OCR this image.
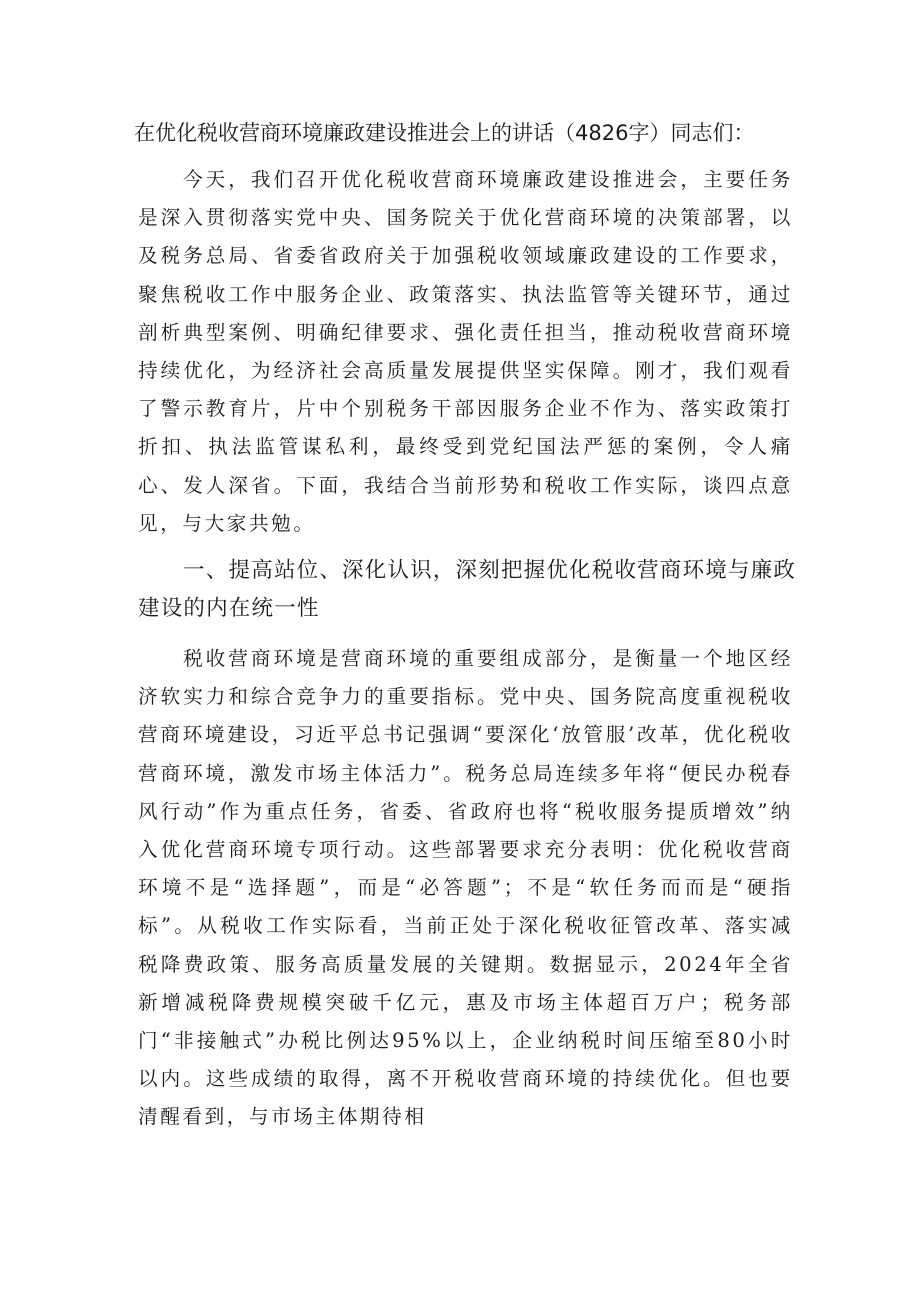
在优化税收营商环境廉政建设推进会上的讲话（4826字）同志们：

今天，我们召开优化税收营商环境廉政建设推进会，主要任务是深入贯彻落实党中央、国务院关于优化营商环境的决策部署，以及税务总局、省委省政府关于加强税收领域廉政建设的工作要求，聚焦税收工作中服务企业、政策落实、执法监管等关键环节，通过剖析典型案例、明确纪律要求、强化责任担当，推动税收营商环境持续优化，为经济社会高质量发展提供坚实保障。刚才，我们观看了警示教育片，片中个别税务干部因服务企业不作为、落实政策打折扣、执法监管谋私利，最终受到党纪国法严惩的案例，令人痛心、发人深省。下面，我结合当前形势和税收工作实际，谈四点意见，与大家共勉。

一、提高站位、深化认识，深刻把握优化税收营商环境与廉政建设的内在统一性

税收营商环境是营商环境的重要组成部分，是衡量一个地区经济软实力和综合竞争力的重要指标。党中央、国务院高度重视税收营商环境建设，习近平总书记强调“要深化‘放管服’改革，优化税收营商环境，激发市场主体活力”。税务总局连续多年将“便民办税春风行动”作为重点任务，省委、省政府也将“税收服务提质增效”纳入优化营商环境专项行动。这些部署要求充分表明：优化税收营商环境不是“选择题”，而是“必答题”；不是“软任务而而是“硬指标”。从税收工作实际看，当前正处于深化税收征管改革、落实减税降费政策、服务高质量发展的关键期。数据显示，2024年全省新增减税降费规模突破千亿元，惠及市场主体超百万户；税务部门“非接触式”办税比例达95%以上，企业纳税时间压缩至80小时以内。这些成绩的取得，离不开税收营商环境的持续优化。但也要清醒看到，与市场主体期待相
